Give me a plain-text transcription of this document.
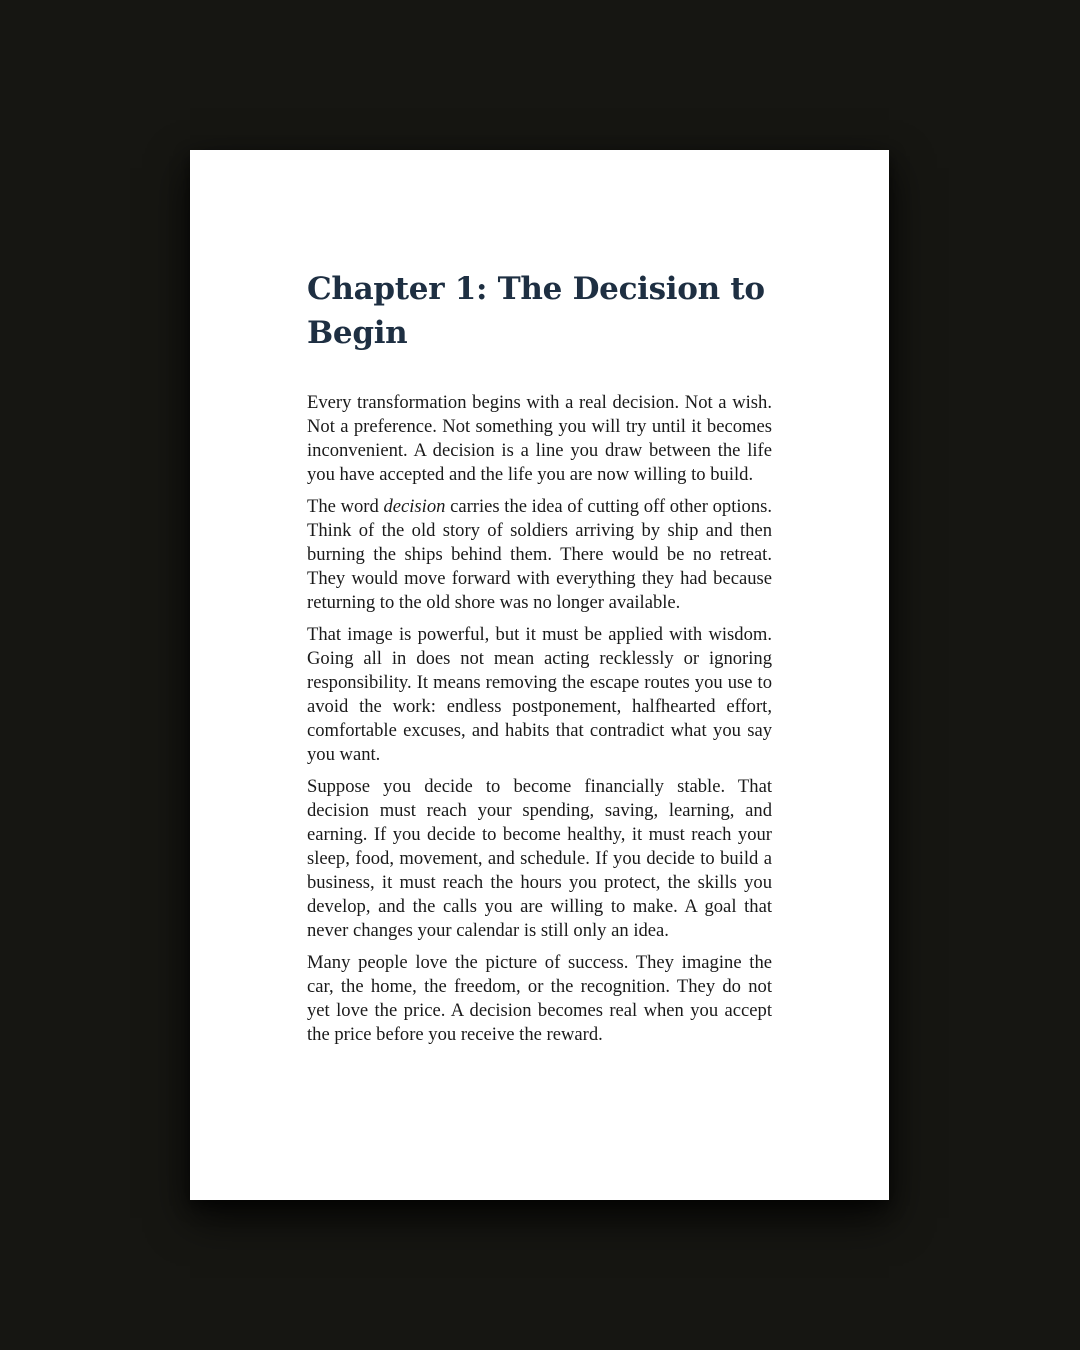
Chapter 1: The Decision to Begin

Every transformation begins with a real decision. Not a wish. Not a preference. Not something you will try until it becomes inconvenient. A decision is a line you draw between the life you have accepted and the life you are now willing to build.

The word decision carries the idea of cutting off other options. Think of the old story of soldiers arriving by ship and then burning the ships behind them. There would be no retreat. They would move forward with everything they had because returning to the old shore was no longer available.

That image is powerful, but it must be applied with wisdom. Going all in does not mean acting recklessly or ignoring responsibility. It means removing the escape routes you use to avoid the work: endless postponement, halfhearted effort, comfortable excuses, and habits that contradict what you say you want.

Suppose you decide to become financially stable. That decision must reach your spending, saving, learning, and earning. If you decide to become healthy, it must reach your sleep, food, movement, and schedule. If you decide to build a business, it must reach the hours you protect, the skills you develop, and the calls you are willing to make. A goal that never changes your calendar is still only an idea.

Many people love the picture of success. They imagine the car, the home, the freedom, or the recognition. They do not yet love the price. A decision becomes real when you accept the price before you receive the reward.
